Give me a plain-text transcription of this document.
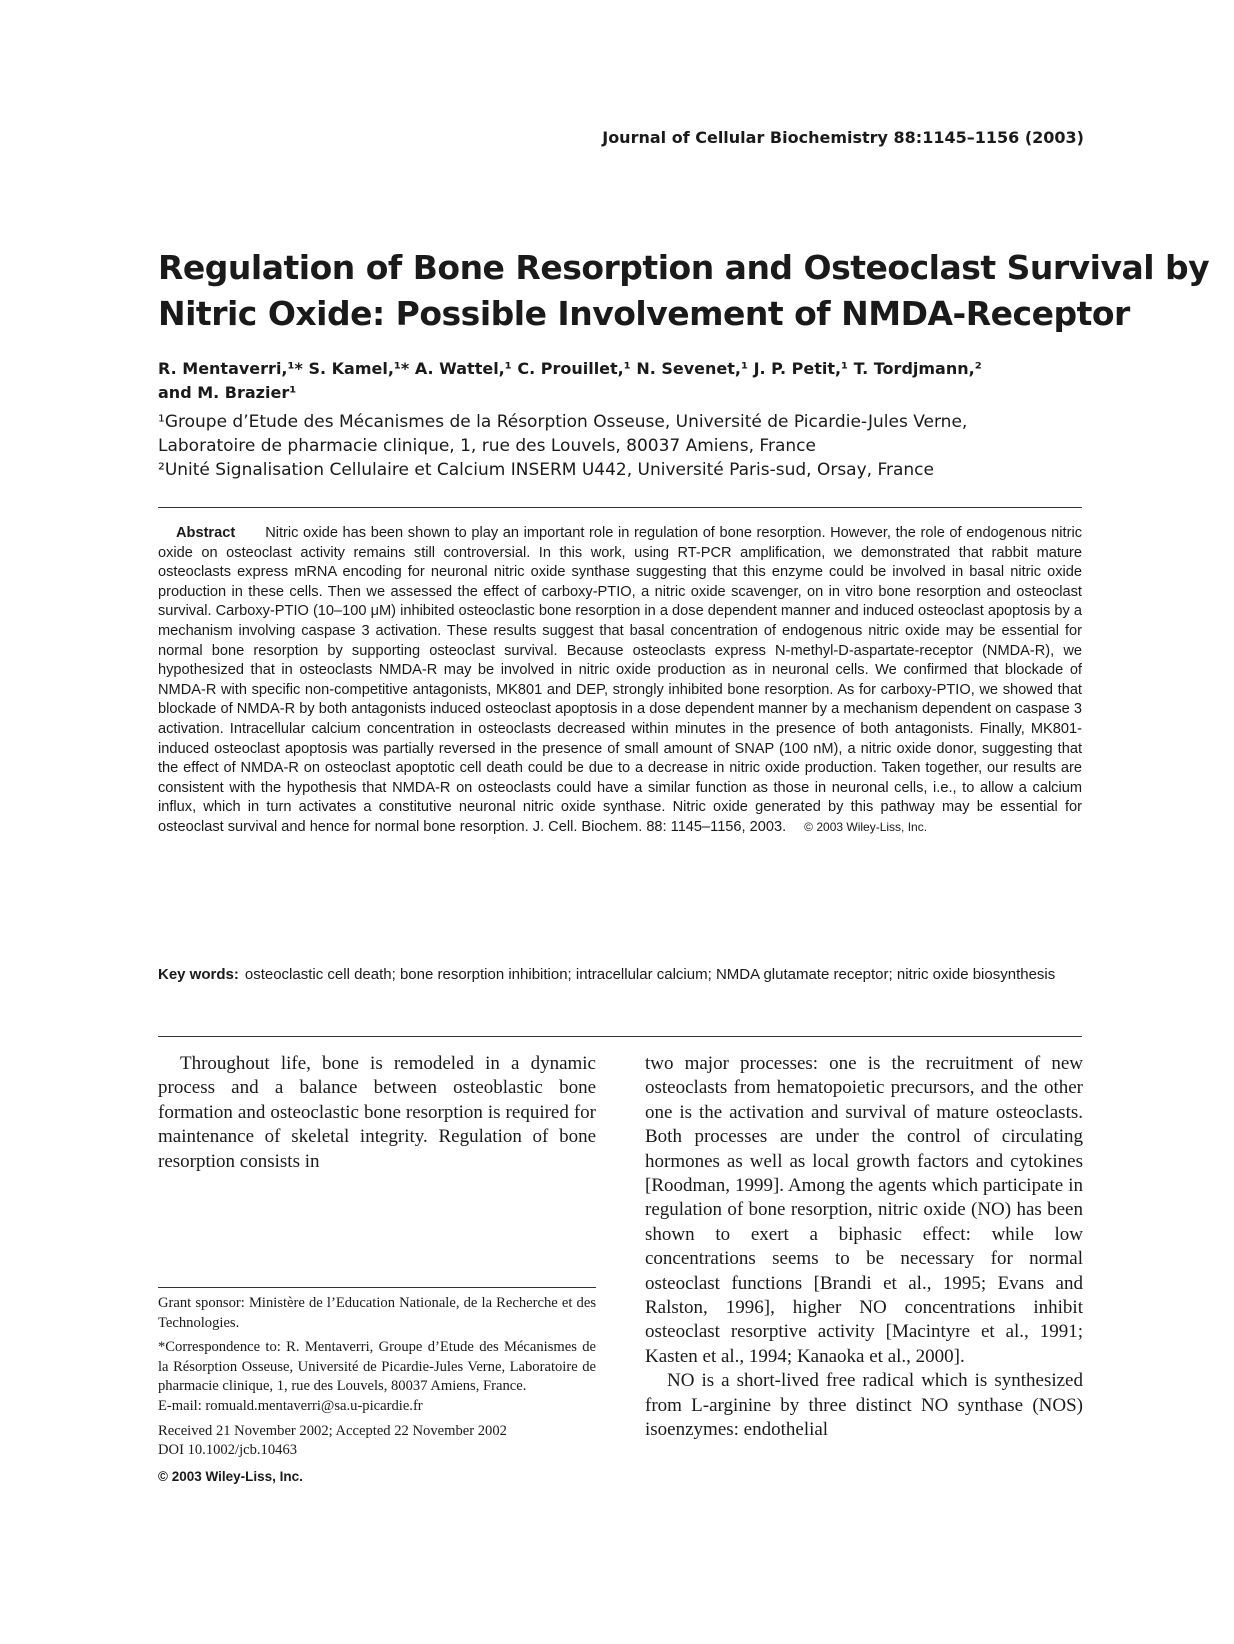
Journal of Cellular Biochemistry 88:1145–1156 (2003)
Regulation of Bone Resorption and Osteoclast Survival by
Nitric Oxide: Possible Involvement of NMDA-Receptor
R. Mentaverri,¹* S. Kamel,¹* A. Wattel,¹ C. Prouillet,¹ N. Sevenet,¹ J. P. Petit,¹ T. Tordjmann,²
and M. Brazier¹
¹Groupe d’Etude des Mécanismes de la Résorption Osseuse, Université de Picardie-Jules Verne,
Laboratoire de pharmacie clinique, 1, rue des Louvels, 80037 Amiens, France
²Unité Signalisation Cellulaire et Calcium INSERM U442, Université Paris-sud, Orsay, France
Abstract Nitric oxide has been shown to play an important role in regulation of bone resorption. However, the role of endogenous nitric oxide on osteoclast activity remains still controversial. In this work, using RT-PCR amplification, we demonstrated that rabbit mature osteoclasts express mRNA encoding for neuronal nitric oxide synthase suggesting that this enzyme could be involved in basal nitric oxide production in these cells. Then we assessed the effect of carboxy-PTIO, a nitric oxide scavenger, on in vitro bone resorption and osteoclast survival. Carboxy-PTIO (10–100 μM) inhibited osteoclastic bone resorption in a dose dependent manner and induced osteoclast apoptosis by a mechanism involving caspase 3 activation. These results suggest that basal concentration of endogenous nitric oxide may be essential for normal bone resorption by supporting osteoclast survival. Because osteoclasts express N-methyl-D-aspartate-receptor (NMDA-R), we hypothesized that in osteoclasts NMDA-R may be involved in nitric oxide production as in neuronal cells. We confirmed that blockade of NMDA-R with specific non-competitive antagonists, MK801 and DEP, strongly inhibited bone resorption. As for carboxy-PTIO, we showed that blockade of NMDA-R by both antagonists induced osteoclast apoptosis in a dose dependent manner by a mechanism dependent on caspase 3 activation. Intracellular calcium concentration in osteoclasts decreased within minutes in the presence of both antagonists. Finally, MK801-induced osteoclast apoptosis was partially reversed in the presence of small amount of SNAP (100 nM), a nitric oxide donor, suggesting that the effect of NMDA-R on osteoclast apoptotic cell death could be due to a decrease in nitric oxide production. Taken together, our results are consistent with the hypothesis that NMDA-R on osteoclasts could have a similar function as those in neuronal cells, i.e., to allow a calcium influx, which in turn activates a constitutive neuronal nitric oxide synthase. Nitric oxide generated by this pathway may be essential for osteoclast survival and hence for normal bone resorption. J. Cell. Biochem. 88: 1145–1156, 2003. © 2003 Wiley-Liss, Inc.
Key words: osteoclastic cell death; bone resorption inhibition; intracellular calcium; NMDA glutamate receptor; nitric oxide biosynthesis

Throughout life, bone is remodeled in a dynamic process and a balance between osteoblastic bone formation and osteoclastic bone resorption is required for maintenance of skeletal integrity. Regulation of bone resorption consists in

two major processes: one is the recruitment of new osteoclasts from hematopoietic precursors, and the other one is the activation and survival of mature osteoclasts. Both processes are under the control of circulating hormones as well as local growth factors and cytokines [Roodman, 1999]. Among the agents which participate in regulation of bone resorption, nitric oxide (NO) has been shown to exert a biphasic effect: while low concentrations seems to be necessary for normal osteoclast functions [Brandi et al., 1995; Evans and Ralston, 1996], higher NO concentrations inhibit osteoclast resorptive activity [Macintyre et al., 1991; Kasten et al., 1994; Kanaoka et al., 2000].

NO is a short-lived free radical which is synthesized from L-arginine by three distinct NO synthase (NOS) isoenzymes: endothelial

Grant sponsor: Ministère de l’Education Nationale, de la Recherche et des Technologies.

*Correspondence to: R. Mentaverri, Groupe d’Etude des Mécanismes de la Résorption Osseuse, Université de Picardie-Jules Verne, Laboratoire de pharmacie clinique, 1, rue des Louvels, 80037 Amiens, France.

E-mail: romuald.mentaverri@sa.u-picardie.fr

Received 21 November 2002; Accepted 22 November 2002

DOI 10.1002/jcb.10463

© 2003 Wiley-Liss, Inc.
